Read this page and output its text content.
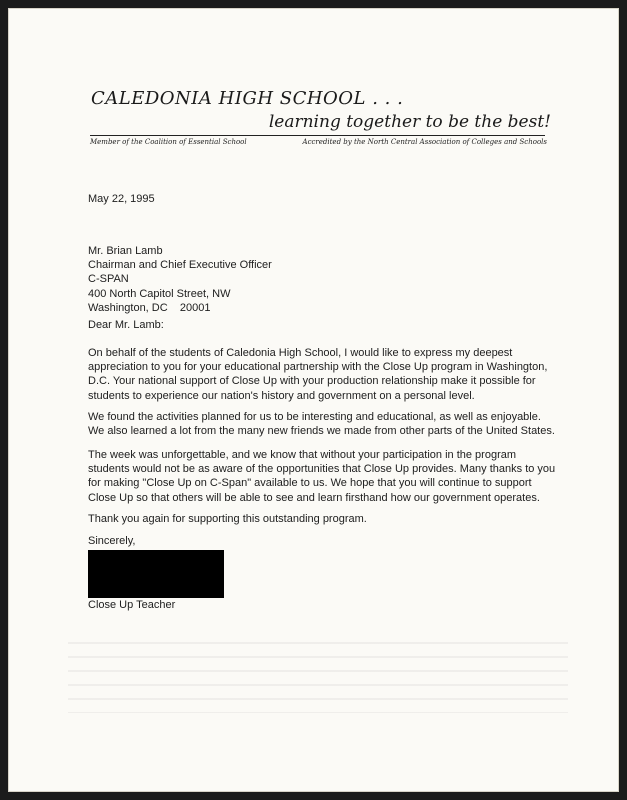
CALEDONIA HIGH SCHOOL . . .
learning together to be the best!
Member of the Coalition of Essential School	Accredited by the North Central Association of Colleges and Schools
May 22, 1995
Mr. Brian Lamb
Chairman and Chief Executive Officer
C-SPAN
400 North Capitol Street, NW
Washington, DC    20001
Dear Mr. Lamb:

On behalf of the students of Caledonia High School, I would like to express my deepest appreciation to you for your educational partnership with the Close Up program in Washington, D.C. Your national support of Close Up with your production relationship make it possible for students to experience our nation's history and government on a personal level.

We found the activities planned for us to be interesting and educational, as well as enjoyable. We also learned a lot from the many new friends we made from other parts of the United States.

The week was unforgettable, and we know that without your participation in the program students would not be as aware of the opportunities that Close Up provides. Many thanks to you for making "Close Up on C-Span" available to us. We hope that you will continue to support Close Up so that others will be able to see and learn firsthand how our government operates.

Thank you again for supporting this outstanding program.

Sincerely,
Close Up Teacher
